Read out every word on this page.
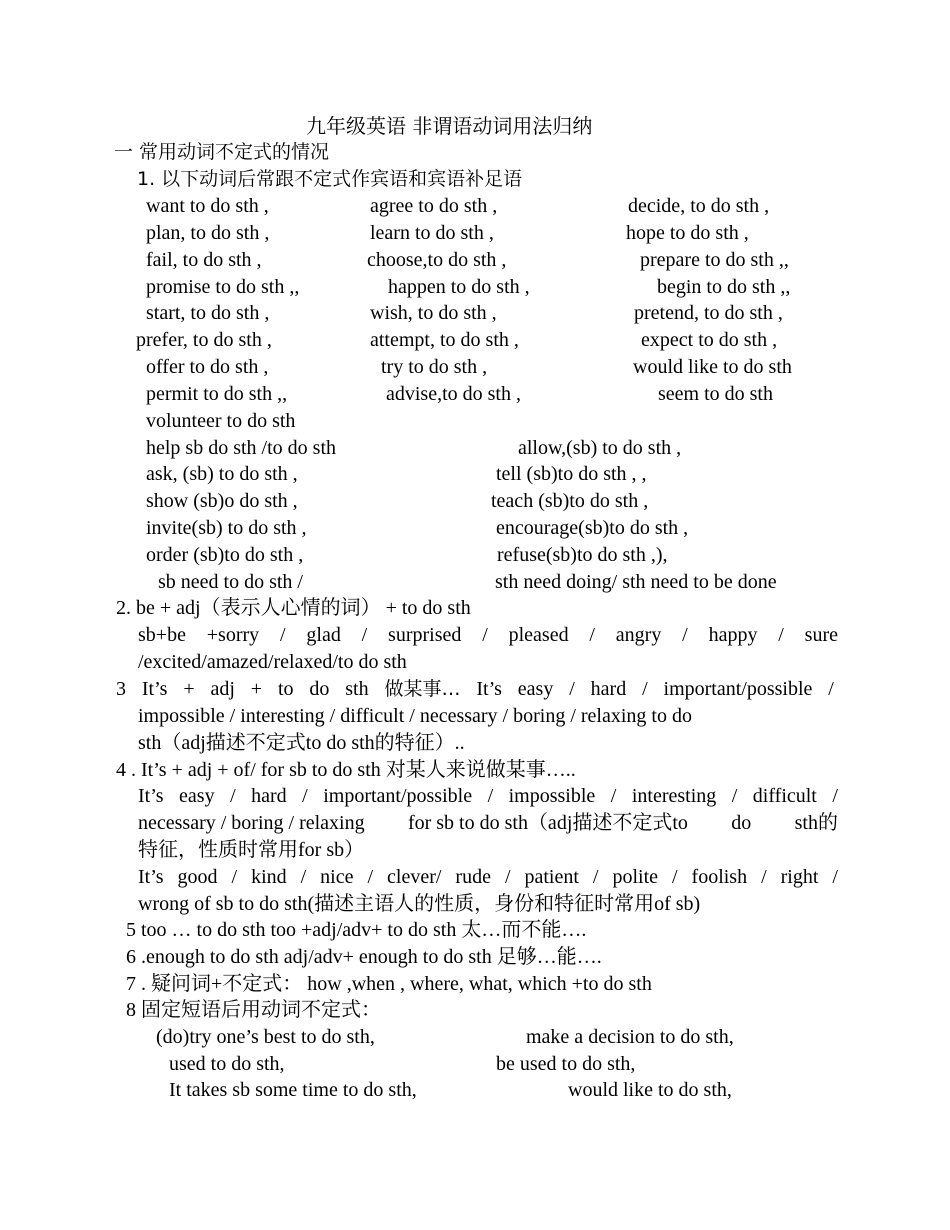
九年级英语 非谓语动词用法归纳
一 常用动词不定式的情况
1. 以下动词后常跟不定式作宾语和宾语补足语
want to do sth ,	agree to do sth ,	decide, to do sth ,
plan, to do sth ,	learn to do sth ,	hope to do sth ,
fail, to do sth ,	choose,to do sth ,	prepare to do sth ,,
promise to do sth ,,	happen to do sth ,	begin to do sth ,,
start, to do sth ,	wish, to do sth ,	pretend, to do sth ,
prefer, to do sth ,	attempt, to do sth ,	expect to do sth ,
offer to do sth ,	try to do sth ,	would like to do sth
permit to do sth ,,	advise,to do sth ,	seem to do sth
volunteer to do sth
help sb do sth /to do sth	allow,(sb) to do sth ,
ask, (sb) to do sth ,	tell (sb)to do sth , ,
show (sb)o do sth ,	teach (sb)to do sth ,
invite(sb) to do sth ,	encourage(sb)to do sth ,
order (sb)to do sth ,	refuse(sb)to do sth ,),
sb need to do sth /	sth need doing/ sth need to be done
2. be + adj（表示人心情的词） + to do sth
sb+be +sorry / glad / surprised / pleased / angry / happy / sure
/excited/amazed/relaxed/to do sth
3 It’s + adj + to do sth 做某事… It’s easy / hard / important/possible /
impossible / interesting / difficult / necessary / boring / relaxing to do
sth（adj描述不定式to do sth的特征）..
4 . It’s + adj + of/ for sb to do sth 对某人来说做某事…..
It’s easy / hard / important/possible / impossible / interesting / difficult /
necessary / boring / relaxing for sb to do sth（adj描述不定式to do sth的
特征，性质时常用for sb）
It’s good / kind / nice / clever/ rude / patient / polite / foolish / right /
wrong of sb to do sth(描述主语人的性质，身份和特征时常用of sb)
5 too … to do sth too +adj/adv+ to do sth 太…而不能….
6 .enough to do sth adj/adv+ enough to do sth 足够…能….
7 . 疑问词+不定式： how ,when , where, what, which +to do sth
8 固定短语后用动词不定式：
(do)try one’s best to do sth,	make a decision to do sth,
used to do sth,	be used to do sth,
It takes sb some time to do sth,	would like to do sth,
